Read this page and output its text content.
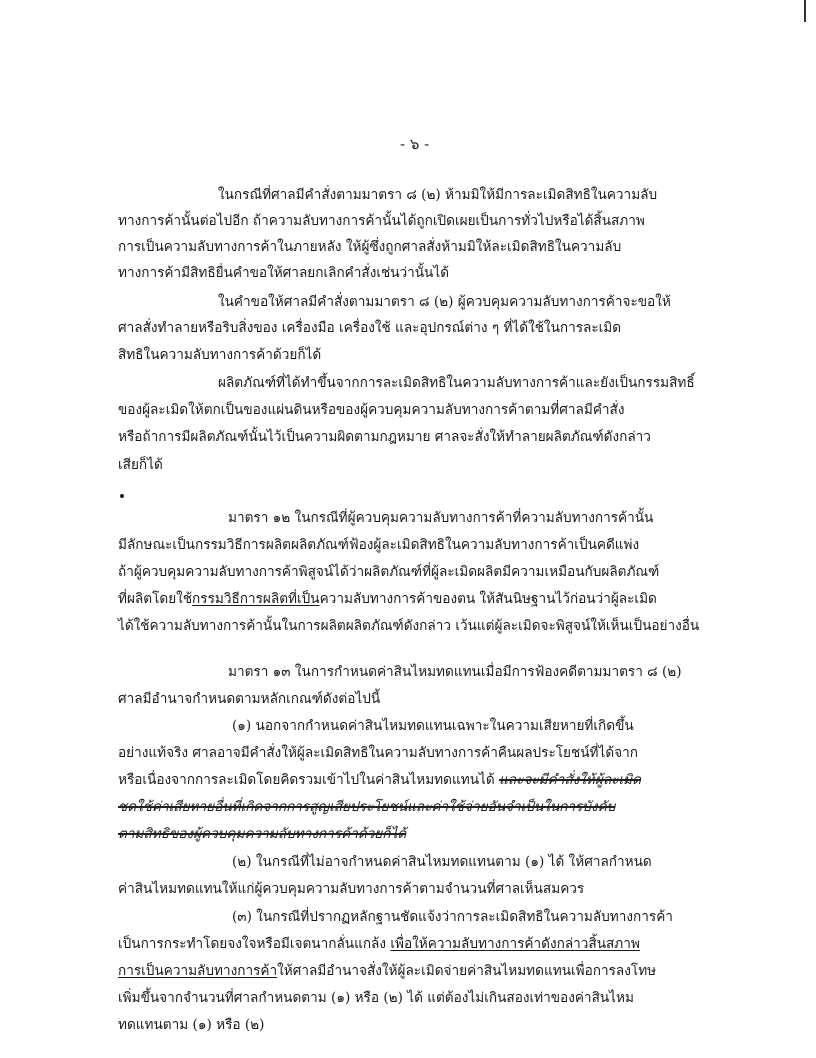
- ๖ -
ในกรณีที่ศาลมีคำสั่งตามมาตรา ๘ (๒) ห้ามมิให้มีการละเมิดสิทธิในความลับ
ทางการค้านั้นต่อไปอีก ถ้าความลับทางการค้านั้นได้ถูกเปิดเผยเป็นการทั่วไปหรือได้สิ้นสภาพ
การเป็นความลับทางการค้าในภายหลัง ให้ผู้ซึ่งถูกศาลสั่งห้ามมิให้ละเมิดสิทธิในความลับ
ทางการค้ามีสิทธิยื่นคำขอให้ศาลยกเลิกคำสั่งเช่นว่านั้นได้
ในคำขอให้ศาลมีคำสั่งตามมาตรา ๘ (๒) ผู้ควบคุมความลับทางการค้าจะขอให้
ศาลสั่งทำลายหรือริบสิ่งของ เครื่องมือ เครื่องใช้ และอุปกรณ์ต่าง ๆ ที่ได้ใช้ในการละเมิด
สิทธิในความลับทางการค้าด้วยก็ได้
ผลิตภัณฑ์ที่ได้ทำขึ้นจากการละเมิดสิทธิในความลับทางการค้าและยังเป็นกรรมสิทธิ์
ของผู้ละเมิดให้ตกเป็นของแผ่นดินหรือของผู้ควบคุมความลับทางการค้าตามที่ศาลมีคำสั่ง
หรือถ้าการมีผลิตภัณฑ์นั้นไว้เป็นความผิดตามกฎหมาย ศาลจะสั่งให้ทำลายผลิตภัณฑ์ดังกล่าว
เสียก็ได้
มาตรา ๑๒ ในกรณีที่ผู้ควบคุมความลับทางการค้าที่ความลับทางการค้านั้น
มีลักษณะเป็นกรรมวิธีการผลิตผลิตภัณฑ์ฟ้องผู้ละเมิดสิทธิในความลับทางการค้าเป็นคดีแพ่ง
ถ้าผู้ควบคุมความลับทางการค้าพิสูจน์ได้ว่าผลิตภัณฑ์ที่ผู้ละเมิดผลิตมีความเหมือนกับผลิตภัณฑ์
ที่ผลิตโดยใช้กรรมวิธีการผลิตที่เป็นความลับทางการค้าของตน ให้สันนิษฐานไว้ก่อนว่าผู้ละเมิด
ได้ใช้ความลับทางการค้านั้นในการผลิตผลิตภัณฑ์ดังกล่าว เว้นแต่ผู้ละเมิดจะพิสูจน์ให้เห็นเป็นอย่างอื่น
มาตรา ๑๓ ในการกำหนดค่าสินไหมทดแทนเมื่อมีการฟ้องคดีตามมาตรา ๘ (๒)
ศาลมีอำนาจกำหนดตามหลักเกณฑ์ดังต่อไปนี้
(๑) นอกจากกำหนดค่าสินไหมทดแทนเฉพาะในความเสียหายที่เกิดขึ้น
อย่างแท้จริง ศาลอาจมีคำสั่งให้ผู้ละเมิดสิทธิในความลับทางการค้าคืนผลประโยชน์ที่ได้จาก
หรือเนื่องจากการละเมิดโดยคิดรวมเข้าไปในค่าสินไหมทดแทนได้ และจะมีคำสั่งให้ผู้ละเมิด
ชดใช้ค่าเสียหายอื่นที่เกิดจากการสูญเสียประโยชน์และค่าใช้จ่ายอันจำเป็นในการบังคับ
ตามสิทธิของผู้ควบคุมความลับทางการค้าด้วยก็ได้
(๒) ในกรณีที่ไม่อาจกำหนดค่าสินไหมทดแทนตาม (๑) ได้ ให้ศาลกำหนด
ค่าสินไหมทดแทนให้แก่ผู้ควบคุมความลับทางการค้าตามจำนวนที่ศาลเห็นสมควร
(๓) ในกรณีที่ปรากฏหลักฐานชัดแจ้งว่าการละเมิดสิทธิในความลับทางการค้า
เป็นการกระทำโดยจงใจหรือมีเจตนากลั่นแกล้ง เพื่อให้ความลับทางการค้าดังกล่าวสิ้นสภาพ
การเป็นความลับทางการค้าให้ศาลมีอำนาจสั่งให้ผู้ละเมิดจ่ายค่าสินไหมทดแทนเพื่อการลงโทษ
เพิ่มขึ้นจากจำนวนที่ศาลกำหนดตาม (๑) หรือ (๒) ได้ แต่ต้องไม่เกินสองเท่าของค่าสินไหม
ทดแทนตาม (๑) หรือ (๒)
